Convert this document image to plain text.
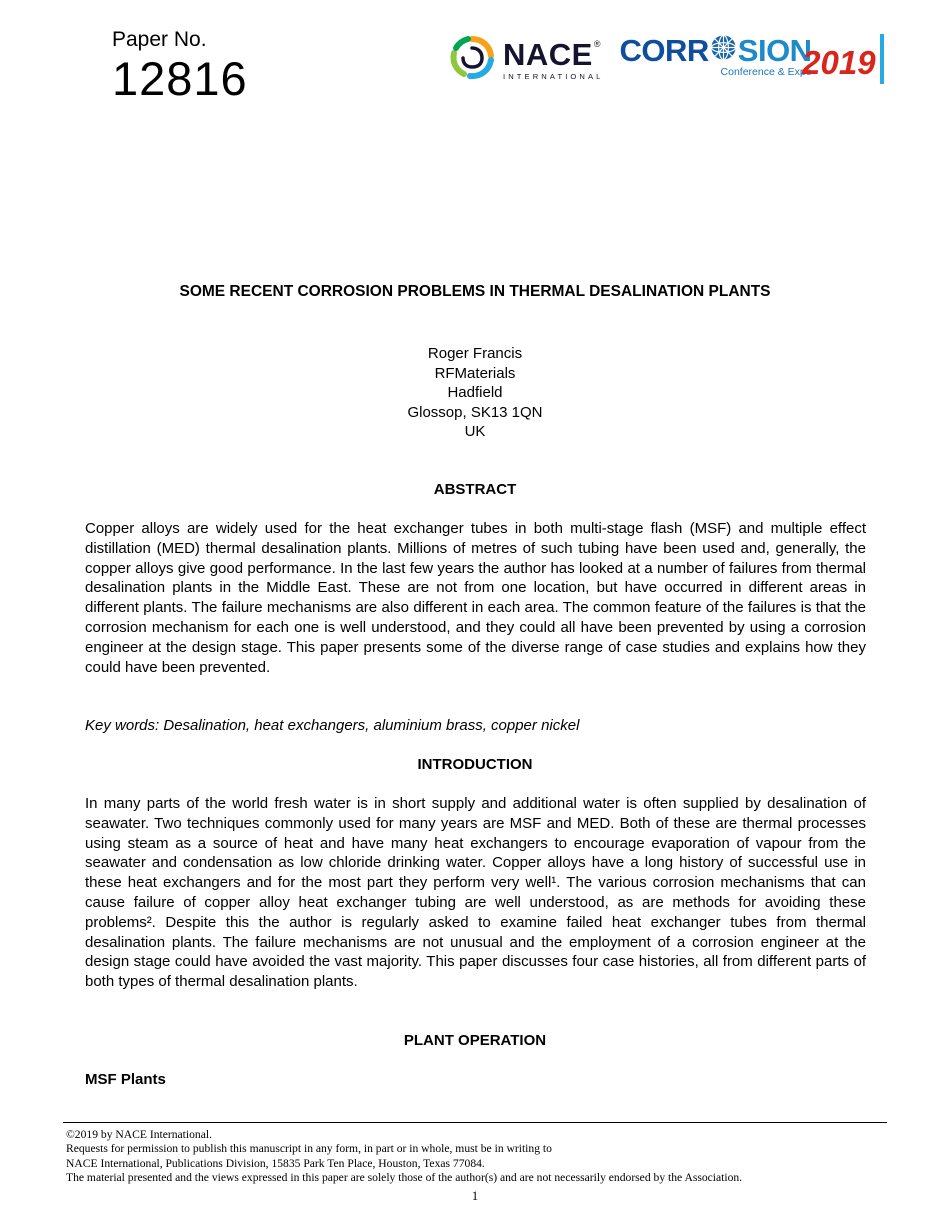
Paper No.
12816	NACE ®
INTERNATIONAL
CORR SION
Conference & Expo
2019
SOME RECENT CORROSION PROBLEMS IN THERMAL DESALINATION PLANTS
Roger Francis
RFMaterials
Hadfield
Glossop, SK13 1QN
UK
ABSTRACT
Copper alloys are widely used for the heat exchanger tubes in both multi-stage flash (MSF) and multiple effect distillation (MED) thermal desalination plants. Millions of metres of such tubing have been used and, generally, the copper alloys give good performance. In the last few years the author has looked at a number of failures from thermal desalination plants in the Middle East. These are not from one location, but have occurred in different areas in different plants. The failure mechanisms are also different in each area. The common feature of the failures is that the corrosion mechanism for each one is well understood, and they could all have been prevented by using a corrosion engineer at the design stage. This paper presents some of the diverse range of case studies and explains how they could have been prevented.
Key words: Desalination, heat exchangers, aluminium brass, copper nickel
INTRODUCTION
In many parts of the world fresh water is in short supply and additional water is often supplied by desalination of seawater. Two techniques commonly used for many years are MSF and MED. Both of these are thermal processes using steam as a source of heat and have many heat exchangers to encourage evaporation of vapour from the seawater and condensation as low chloride drinking water. Copper alloys have a long history of successful use in these heat exchangers and for the most part they perform very well¹. The various corrosion mechanisms that can cause failure of copper alloy heat exchanger tubing are well understood, as are methods for avoiding these problems². Despite this the author is regularly asked to examine failed heat exchanger tubes from thermal desalination plants. The failure mechanisms are not unusual and the employment of a corrosion engineer at the design stage could have avoided the vast majority. This paper discusses four case histories, all from different parts of both types of thermal desalination plants.
PLANT OPERATION
MSF Plants
©2019 by NACE International.
Requests for permission to publish this manuscript in any form, in part or in whole, must be in writing to
NACE International, Publications Division, 15835 Park Ten Place, Houston, Texas 77084.
The material presented and the views expressed in this paper are solely those of the author(s) and are not necessarily endorsed by the Association.
1
